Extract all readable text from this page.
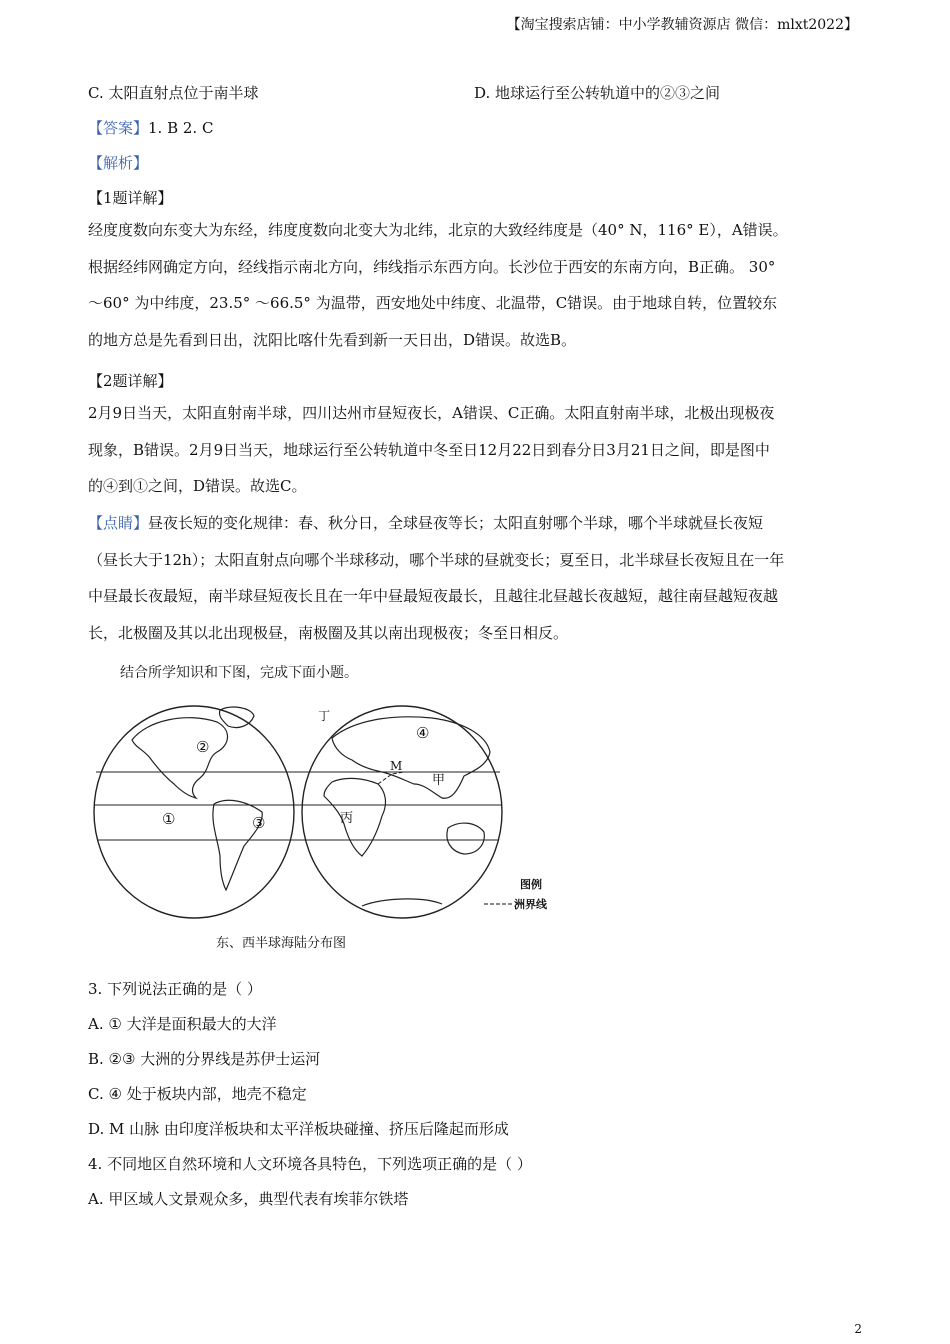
【淘宝搜索店铺：中小学教辅资源店 微信：mlxt2022】
C. 太阳直射点位于南半球	D. 地球运行至公转轨道中的②③之间
【答案】1. B 2. C
【解析】
【1题详解】
经度度数向东变大为东经，纬度度数向北变大为北纬，北京的大致经纬度是（40° N，116° E），A错误。
根据经纬网确定方向，经线指示南北方向，纬线指示东西方向。长沙位于西安的东南方向，B正确。 30°
～60° 为中纬度，23.5° ～66.5° 为温带，西安地处中纬度、北温带，C错误。由于地球自转，位置较东
的地方总是先看到日出，沈阳比喀什先看到新一天日出，D错误。故选B。
【2题详解】
2月9日当天，太阳直射南半球，四川达州市昼短夜长，A错误、C正确。太阳直射南半球，北极出现极夜
现象，B错误。2月9日当天，地球运行至公转轨道中冬至日12月22日到春分日3月21日之间，即是图中
的④到①之间，D错误。故选C。
【点睛】昼夜长短的变化规律：春、秋分日，全球昼夜等长；太阳直射哪个半球，哪个半球就昼长夜短
（昼长大于12h）；太阳直射点向哪个半球移动，哪个半球的昼就变长；夏至日，北半球昼长夜短且在一年
中昼最长夜最短，南半球昼短夜长且在一年中昼最短夜最长，且越往北昼越长夜越短，越往南昼越短夜越
长，北极圈及其以北出现极昼，南极圈及其以南出现极夜；冬至日相反。
结合所学知识和下图，完成下面小题。
①
②
③
④
M
甲
丙
丁
图例
洲界线
东、西半球海陆分布图
3. 下列说法正确的是（ ）
A. ① 大洋是面积最大的大洋
B. ②③ 大洲的分界线是苏伊士运河
C. ④ 处于板块内部，地壳不稳定
D. M 山脉 由印度洋板块和太平洋板块碰撞、挤压后隆起而形成
4. 不同地区自然环境和人文环境各具特色，下列选项正确的是（ ）
A. 甲区域人文景观众多，典型代表有埃菲尔铁塔
2
